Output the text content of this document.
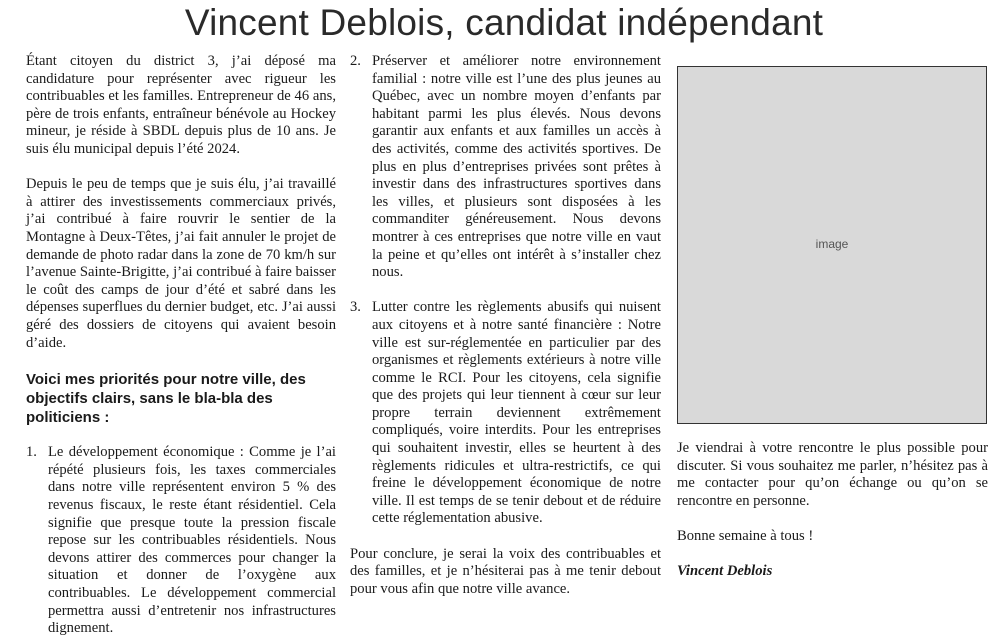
Vincent Deblois, candidat indépendant

Étant citoyen du district 3, j’ai déposé ma candidature pour représenter avec rigueur les contribuables et les familles. Entrepreneur de 46 ans, père de trois enfants, entraîneur bénévole au Hockey mineur, je réside à SBDL depuis plus de 10 ans. Je suis élu municipal depuis l’été 2024.

Depuis le peu de temps que je suis élu, j’ai travaillé à attirer des investissements commerciaux privés, j’ai contribué à faire rouvrir le sentier de la Montagne à Deux-Têtes, j’ai fait annuler le projet de demande de photo radar dans la zone de 70 km/h sur l’avenue Sainte-Brigitte, j’ai contribué à faire baisser le coût des camps de jour d’été et sabré dans les dépenses superflues du dernier budget, etc. J’ai aussi géré des dossiers de citoyens qui avaient besoin d’aide.

Voici mes priorités pour notre ville, des objectifs clairs, sans le bla-bla des politiciens :

1. Le développement économique : Comme je l’ai répété plusieurs fois, les taxes commerciales dans notre ville représentent environ 5 % des revenus fiscaux, le reste étant résidentiel. Cela signifie que presque toute la pression fiscale repose sur les contribuables résidentiels. Nous devons attirer des commerces pour changer la situation et donner de l’oxygène aux contribuables. Le développement commercial permettra aussi d’entretenir nos infrastructures dignement.
2. Préserver et améliorer notre environnement familial : notre ville est l’une des plus jeunes au Québec, avec un nombre moyen d’enfants par habitant parmi les plus élevés. Nous devons garantir aux enfants et aux familles un accès à des activités, comme des activités sportives. De plus en plus d’entreprises privées sont prêtes à investir dans des infrastructures sportives dans les villes, et plusieurs sont disposées à les commanditer généreusement. Nous devons montrer à ces entreprises que notre ville en vaut la peine et qu’elles ont intérêt à s’installer chez nous.
3. Lutter contre les règlements abusifs qui nuisent aux citoyens et à notre santé financière : Notre ville est sur-réglementée en particulier par des organismes et règlements extérieurs à notre ville comme le RCI. Pour les citoyens, cela signifie que des projets qui leur tiennent à cœur sur leur propre terrain deviennent extrêmement compliqués, voire interdits. Pour les entreprises qui souhaitent investir, elles se heurtent à des règlements ridicules et ultra-restrictifs, ce qui freine le développement économique de notre ville. Il est temps de se tenir debout et de réduire cette réglementation abusive.

Pour conclure, je serai la voix des contribuables et des familles, et je n’hésiterai pas à me tenir debout pour vous afin que notre ville avance.

image

Je viendrai à votre rencontre le plus possible pour discuter. Si vous souhaitez me parler, n’hésitez pas à me contacter pour qu’on échange ou qu’on se rencontre en personne.

Bonne semaine à tous !

Vincent Deblois
